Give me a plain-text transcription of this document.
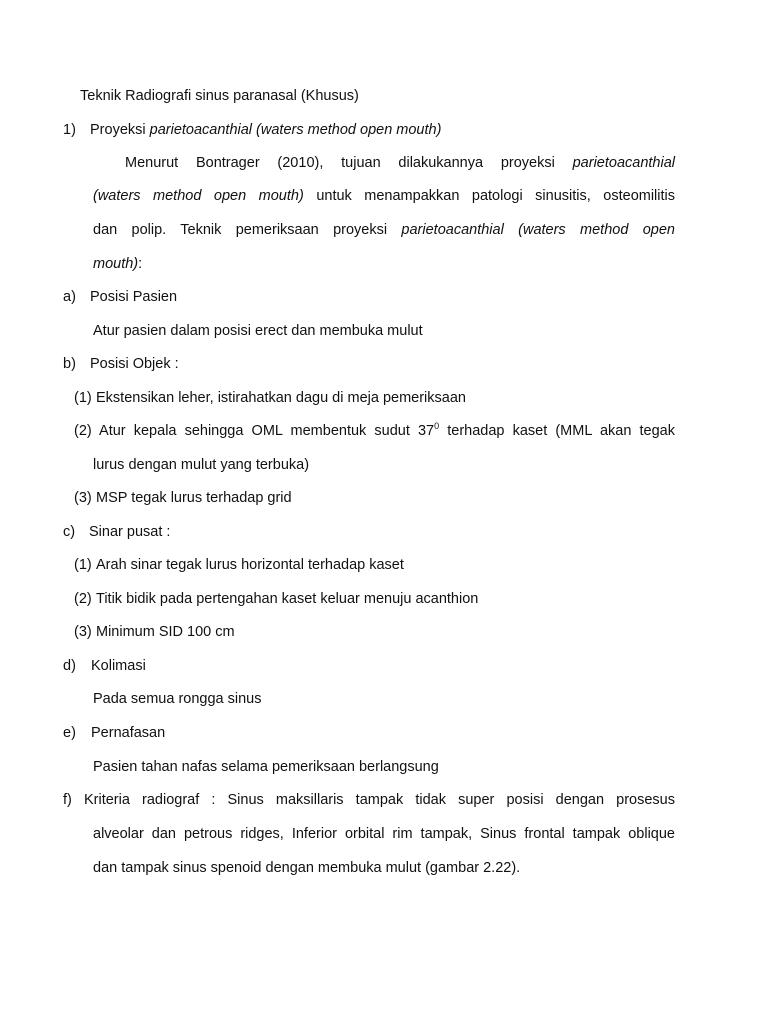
Teknik Radiografi sinus paranasal (Khusus)
1) Proyeksi parietoacanthial (waters method open mouth)
Menurut Bontrager (2010), tujuan dilakukannya proyeksi parietoacanthial
(waters method open mouth) untuk menampakkan patologi sinusitis, osteomilitis
dan polip. Teknik pemeriksaan proyeksi parietoacanthial (waters method open
mouth):
a) Posisi Pasien
Atur pasien dalam posisi erect dan membuka mulut
b) Posisi Objek :
(1) Ekstensikan leher, istirahatkan dagu di meja pemeriksaan
(2) Atur kepala sehingga OML membentuk sudut $37^0$ terhadap kaset (MML akan tegak
lurus dengan mulut yang terbuka)
(3) MSP tegak lurus terhadap grid
c) Sinar pusat :
(1) Arah sinar tegak lurus horizontal terhadap kaset
(2) Titik bidik pada pertengahan kaset keluar menuju acanthion
(3) Minimum SID 100 cm
d) Kolimasi
Pada semua rongga sinus
e) Pernafasan
Pasien tahan nafas selama pemeriksaan berlangsung
f) Kriteria radiograf : Sinus maksillaris tampak tidak super posisi dengan prosesus
alveolar dan petrous ridges, Inferior orbital rim tampak, Sinus frontal tampak oblique
dan tampak sinus spenoid dengan membuka mulut (gambar 2.22).
